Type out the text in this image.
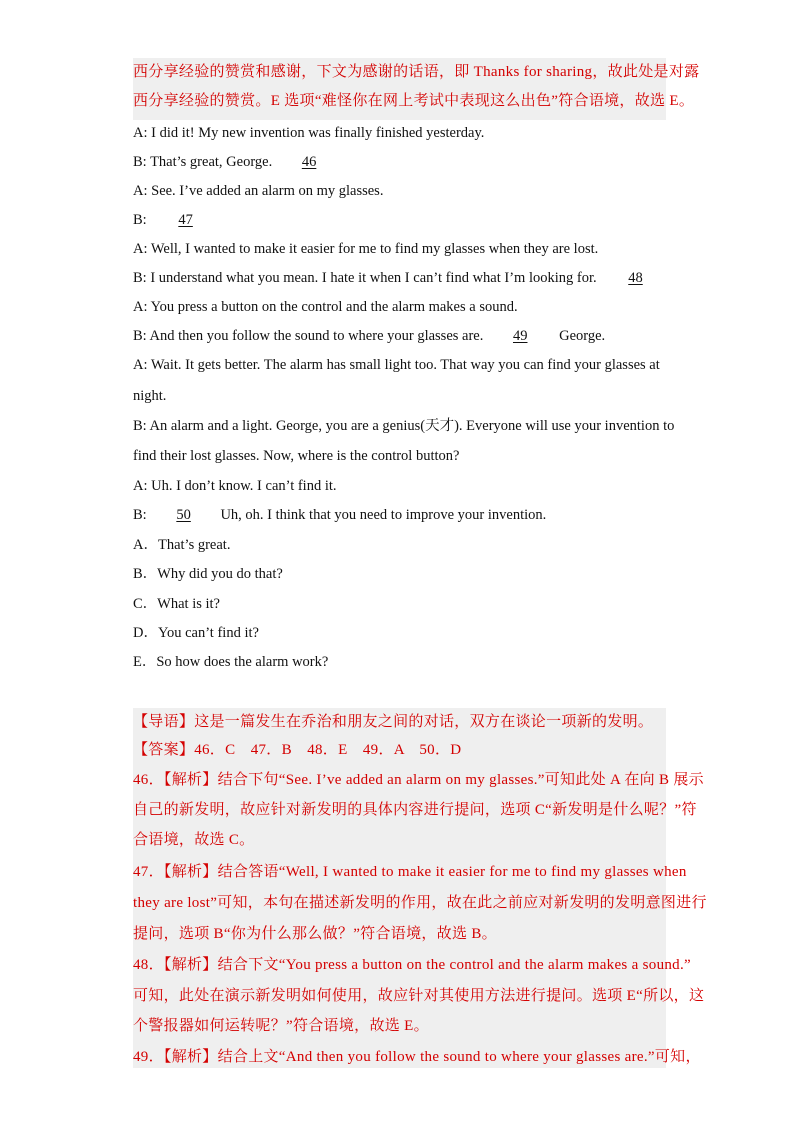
西分享经验的赞赏和感谢，下文为感谢的话语，即 Thanks for sharing，故此处是对露
西分享经验的赞赏。E 选项“难怪你在网上考试中表现这么出色”符合语境，故选 E。
A: I did it! My new invention was finally finished yesterday.
B: That’s great, George. 46
A: See. I’ve added an alarm on my glasses.
B: 47
A: Well, I wanted to make it easier for me to find my glasses when they are lost.
B: I understand what you mean. I hate it when I can’t find what I’m looking for. 48
A: You press a button on the control and the alarm makes a sound.
B: And then you follow the sound to where your glasses are. 49 George.
A: Wait. It gets better. The alarm has small light too. That way you can find your glasses at
night.
B: An alarm and a light. George, you are a genius(天才). Everyone will use your invention to
find their lost glasses. Now, where is the control button?
A: Uh. I don’t know. I can’t find it.
B: 50 Uh, oh. I think that you need to improve your invention.
A．That’s great.
B．Why did you do that?
C．What is it?
D．You can’t find it?
E．So how does the alarm work?
【导语】这是一篇发生在乔治和朋友之间的对话，双方在谈论一项新的发明。
【答案】46．C　47．B　48．E　49．A　50．D
46．【解析】结合下句“See. I’ve added an alarm on my glasses.”可知此处 A 在向 B 展示
自己的新发明，故应针对新发明的具体内容进行提问，选项 C“新发明是什么呢？”符
合语境，故选 C。
47．【解析】结合答语“Well, I wanted to make it easier for me to find my glasses when
they are lost”可知，本句在描述新发明的作用，故在此之前应对新发明的发明意图进行
提问，选项 B“你为什么那么做？”符合语境，故选 B。
48．【解析】结合下文“You press a button on the control and the alarm makes a sound.”
可知，此处在演示新发明如何使用，故应针对其使用方法进行提问。选项 E“所以，这
个警报器如何运转呢？”符合语境，故选 E。
49．【解析】结合上文“And then you follow the sound to where your glasses are.”可知，
